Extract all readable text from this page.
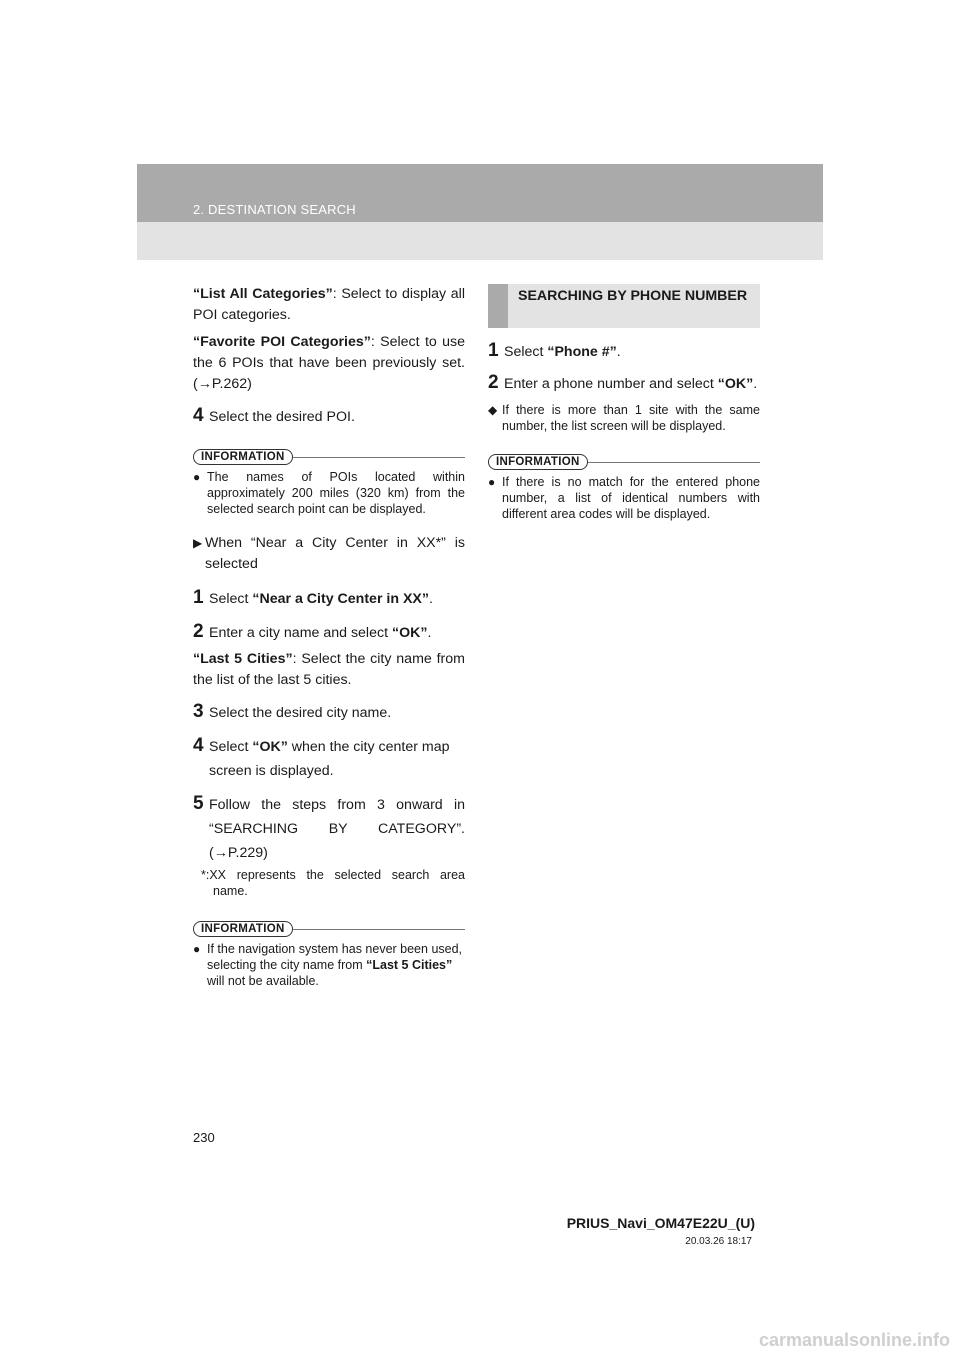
2. DESTINATION SEARCH

“List All Categories”: Select to display all POI categories.

“Favorite POI Categories”: Select to use the 6 POIs that have been previously set. (→P.262)

4 Select the desired POI.
INFORMATION
● The names of POIs located within approximately 200 miles (320 km) from the selected search point can be displayed.
▶ When “Near a City Center in XX*” is selected
1 Select “Near a City Center in XX”.
2 Enter a city name and select “OK”.

“Last 5 Cities”: Select the city name from the list of the last 5 cities.

3 Select the desired city name.
4 Select “OK” when the city center map screen is displayed.
5 Follow the steps from 3 onward in “SEARCHING BY CATEGORY”. (→P.229)

*:XX represents the selected search area name.

INFORMATION
● If the navigation system has never been used, selecting the city name from “Last 5 Cities” will not be available.
SEARCHING BY PHONE NUMBER
1 Select “Phone #”.
2 Enter a phone number and select “OK”.
◆ If there is more than 1 site with the same number, the list screen will be displayed.
INFORMATION
● If there is no match for the entered phone number, a list of identical numbers with different area codes will be displayed.
230
PRIUS_Navi_OM47E22U_(U)
20.03.26 18:17
carmanualsonline.info
